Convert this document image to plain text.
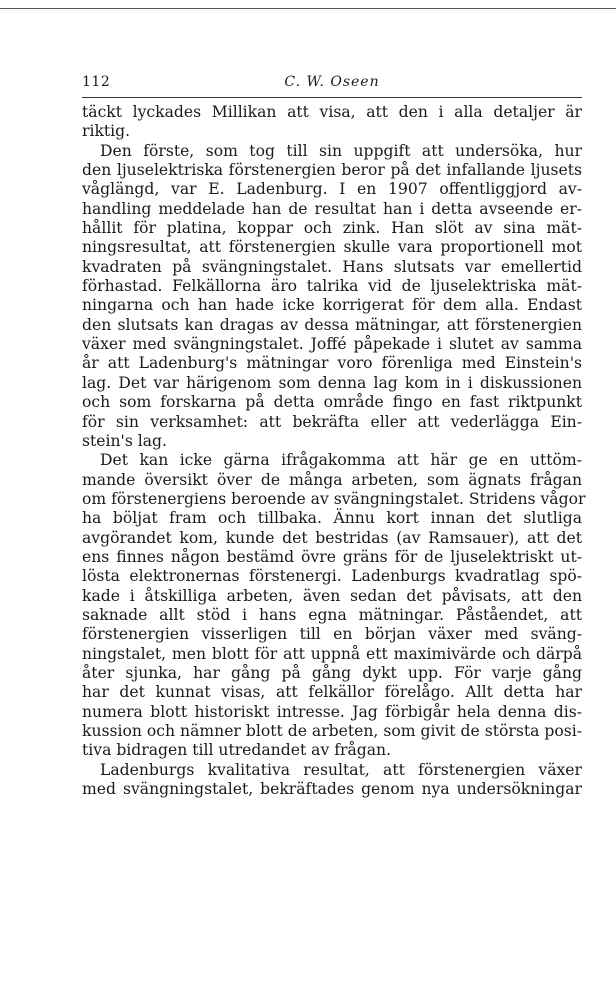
112	C. W. Oseen
täckt lyckades Millikan att visa, att den i alla detaljer är
riktig.
Den förste, som tog till sin uppgift att undersöka, hur
den ljuselektriska förstenergien beror på det infallande ljusets
våglängd, var E. Ladenburg. I en 1907 offentliggjord av-
handling meddelade han de resultat han i detta avseende er-
hållit för platina, koppar och zink. Han slöt av sina mät-
ningsresultat, att förstenergien skulle vara proportionell mot
kvadraten på svängningstalet. Hans slutsats var emellertid
förhastad. Felkällorna äro talrika vid de ljuselektriska mät-
ningarna och han hade icke korrigerat för dem alla. Endast
den slutsats kan dragas av dessa mätningar, att förstenergien
växer med svängningstalet. Joffé påpekade i slutet av samma
år att Ladenburg's mätningar voro förenliga med Einstein's
lag. Det var härigenom som denna lag kom in i diskussionen
och som forskarna på detta område fingo en fast riktpunkt
för sin verksamhet: att bekräfta eller att vederlägga Ein-
stein's lag.
Det kan icke gärna ifrågakomma att här ge en uttöm-
mande översikt över de många arbeten, som ägnats frågan
om förstenergiens beroende av svängningstalet. Stridens vågor
ha böljat fram och tillbaka. Ännu kort innan det slutliga
avgörandet kom, kunde det bestridas (av Ramsauer), att det
ens finnes någon bestämd övre gräns för de ljuselektriskt ut-
lösta elektronernas förstenergi. Ladenburgs kvadratlag spö-
kade i åtskilliga arbeten, även sedan det påvisats, att den
saknade allt stöd i hans egna mätningar. Påståendet, att
förstenergien visserligen till en början växer med sväng-
ningstalet, men blott för att uppnå ett maximivärde och därpå
åter sjunka, har gång på gång dykt upp. För varje gång
har det kunnat visas, att felkällor förelågo. Allt detta har
numera blott historiskt intresse. Jag förbigår hela denna dis-
kussion och nämner blott de arbeten, som givit de största posi-
tiva bidragen till utredandet av frågan.
Ladenburgs kvalitativa resultat, att förstenergien växer
med svängningstalet, bekräftades genom nya undersökningar
